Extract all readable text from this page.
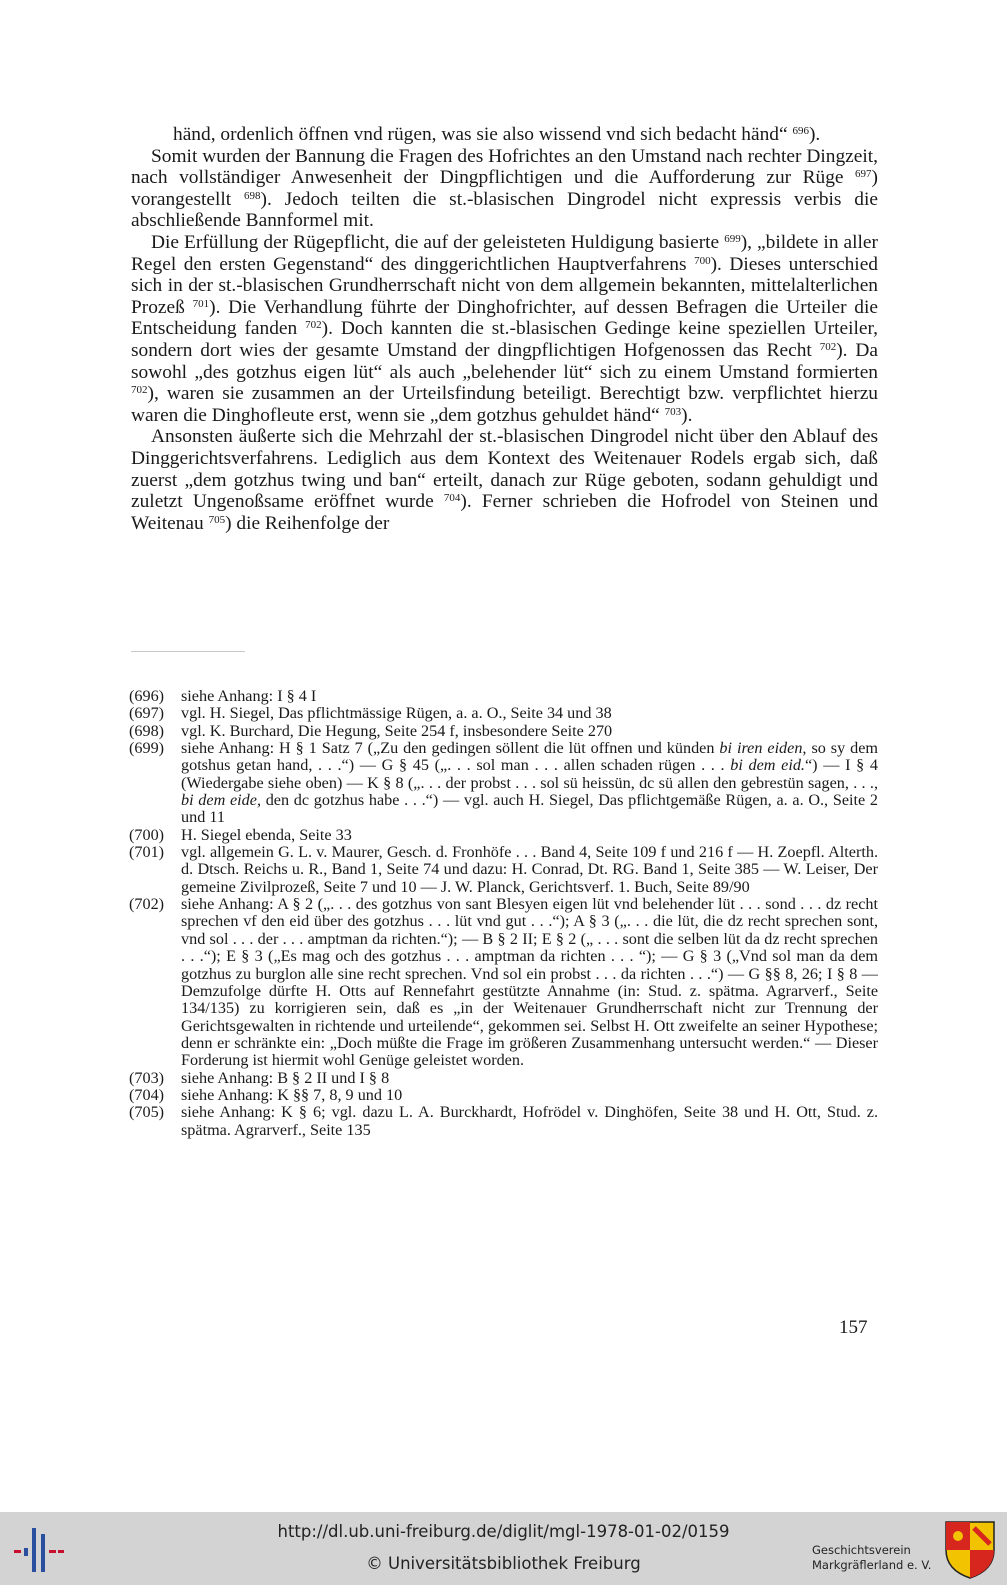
händ, ordenlich öffnen vnd rügen, was sie also wissend vnd sich bedacht händ“ $^{696}$).

Somit wurden der Bannung die Fragen des Hofrichtes an den Umstand nach rechter Dingzeit, nach vollständiger Anwesenheit der Dingpflichtigen und die Aufforderung zur Rüge $^{697}$) vorangestellt $^{698}$). Jedoch teilten die st.-blasischen Dingrodel nicht expressis verbis die abschließende Bannformel mit.

Die Erfüllung der Rügepflicht, die auf der geleisteten Huldigung basierte $^{699}$), „bildete in aller Regel den ersten Gegenstand“ des dinggerichtlichen Hauptverfahrens $^{700}$). Dieses unterschied sich in der st.-blasischen Grundherrschaft nicht von dem allgemein bekannten, mittelalterlichen Prozeß $^{701}$). Die Verhandlung führte der Dinghofrichter, auf dessen Befragen die Urteiler die Entscheidung fanden $^{702}$). Doch kannten die st.-blasischen Gedinge keine speziellen Urteiler, sondern dort wies der gesamte Umstand der dingpflichtigen Hofgenossen das Recht $^{702}$). Da sowohl „des gotzhus eigen lüt“ als auch „belehender lüt“ sich zu einem Umstand formierten $^{702}$), waren sie zusammen an der Urteilsfindung beteiligt. Berechtigt bzw. verpflichtet hierzu waren die Dinghofleute erst, wenn sie „dem gotzhus gehuldet händ“ $^{703}$).

Ansonsten äußerte sich die Mehrzahl der st.-blasischen Dingrodel nicht über den Ablauf des Dinggerichtsverfahrens. Lediglich aus dem Kontext des Weitenauer Rodels ergab sich, daß zuerst „dem gotzhus twing und ban“ erteilt, danach zur Rüge geboten, sodann gehuldigt und zuletzt Ungenoßsame eröffnet wurde $^{704}$). Ferner schrieben die Hofrodel von Steinen und Weitenau $^{705}$) die Reihenfolge der

(696)	siehe Anhang: I § 4 I
(697)	vgl. H. Siegel, Das pflichtmässige Rügen, a. a. O., Seite 34 und 38
(698)	vgl. K. Burchard, Die Hegung, Seite 254 f, insbesondere Seite 270
(699)	siehe Anhang: H § 1 Satz 7 („Zu den gedingen söllent die lüt offnen und künden bi iren eiden, so sy dem gotshus getan hand, . . .“) — G § 45 („. . . sol man . . . allen schaden rügen . . . bi dem eid.“) — I § 4 (Wiedergabe siehe oben) — K § 8 („. . . der probst . . . sol sü heissün, dc sü allen den gebrestün sagen, . . ., bi dem eide, den dc gotzhus habe . . .“) — vgl. auch H. Siegel, Das pflichtgemäße Rügen, a. a. O., Seite 2 und 11
(700)	H. Siegel ebenda, Seite 33
(701)	vgl. allgemein G. L. v. Maurer, Gesch. d. Fronhöfe . . . Band 4, Seite 109 f und 216 f — H. Zoepfl. Alterth. d. Dtsch. Reichs u. R., Band 1, Seite 74 und dazu: H. Conrad, Dt. RG. Band 1, Seite 385 — W. Leiser, Der gemeine Zivilprozeß, Seite 7 und 10 — J. W. Planck, Gerichtsverf. 1. Buch, Seite 89/90
(702)	siehe Anhang: A § 2 („. . . des gotzhus von sant Blesyen eigen lüt vnd belehender lüt . . . sond . . . dz recht sprechen vf den eid über des gotzhus . . . lüt vnd gut . . .“); A § 3 („. . . die lüt, die dz recht sprechen sont, vnd sol . . . der . . . amptman da richten.“); — B § 2 II; E § 2 („ . . . sont die selben lüt da dz recht sprechen . . .“); E § 3 („Es mag och des gotzhus . . . amptman da richten . . . “); — G § 3 („Vnd sol man da dem gotzhus zu burglon alle sine recht sprechen. Vnd sol ein probst . . . da richten . . .“) — G §§ 8, 26; I § 8 — Demzufolge dürfte H. Otts auf Rennefahrt gestützte Annahme (in: Stud. z. spätma. Agrarverf., Seite 134/135) zu korrigieren sein, daß es „in der Weitenauer Grundherrschaft nicht zur Trennung der Gerichtsgewalten in richtende und urteilende“, gekommen sei. Selbst H. Ott zweifelte an seiner Hypothese; denn er schränkte ein: „Doch müßte die Frage im größeren Zusammenhang untersucht werden.“ — Dieser Forderung ist hiermit wohl Genüge geleistet worden.
(703)	siehe Anhang: B § 2 II und I § 8
(704)	siehe Anhang: K §§ 7, 8, 9 und 10
(705)	siehe Anhang: K § 6; vgl. dazu L. A. Burckhardt, Hofrödel v. Dinghöfen, Seite 38 und H. Ott, Stud. z. spätma. Agrarverf., Seite 135
157
http://dl.ub.uni-freiburg.de/diglit/mgl-1978-01-02/0159
© Universitätsbibliothek Freiburg
Geschichtsverein
Markgräflerland e. V.
